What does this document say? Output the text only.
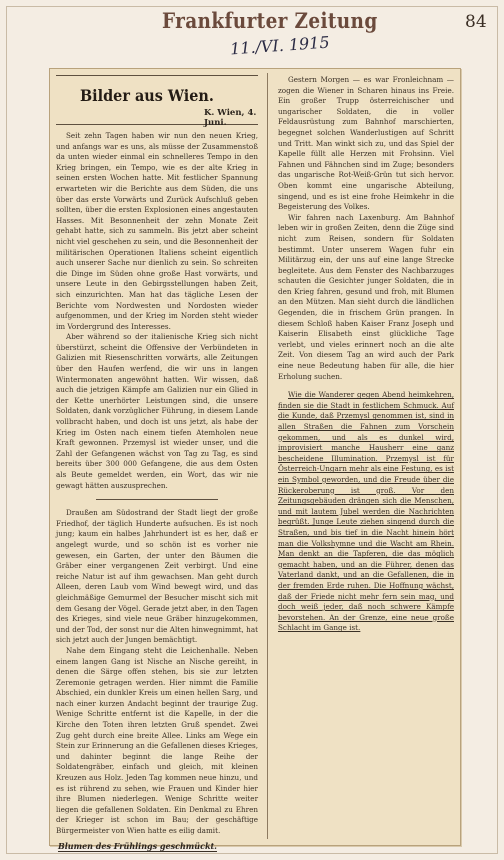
Frankfurter Zeitung	84
11./VI. 1915
Bilder aus Wien.
K. Wien, 4. Juni.

Seit zehn Tagen haben wir nun den neuen Krieg, und anfangs war es uns, als müsse der Zusammenstoß da unten wieder einmal ein schnelleres Tempo in den Krieg bringen, ein Tempo, wie es der alte Krieg in seinen ersten Wochen hatte. Mit festlicher Spannung erwarteten wir die Berichte aus dem Süden, die uns über das erste Vorwärts und Zurück Aufschluß geben sollten, über die ersten Explosionen eines angestauten Hasses. Mit Besonnenheit der zehn Monate Zeit gehabt hatte, sich zu sammeln. Bis jetzt aber scheint nicht viel geschehen zu sein, und die Besonnenheit der militärischen Operationen Italiens scheint eigentlich auch unserer Sache nur dienlich zu sein. So schreiten die Dinge im Süden ohne große Hast vorwärts, und unsere Leute in den Gebirgsstellungen haben Zeit, sich einzurichten. Man hat das tägliche Lesen der Berichte vom Nordwesten und Nordosten wieder aufgenommen, und der Krieg im Norden steht wieder im Vordergrund des Interesses.

Aber während so der italienische Krieg sich nicht überstürzt, scheint die Offensive der Verbündeten in Galizien mit Riesenschritten vorwärts, alle Zeitungen über den Haufen werfend, die wir uns in langen Wintermonaten angewöhnt hatten. Wir wissen, daß auch die jetzigen Kämpfe am Galizien nur ein Glied in der Kette unerhörter Leistungen sind, die unsere Soldaten, dank vorzüglicher Führung, in diesem Lande vollbracht haben, und doch ist uns jetzt, als habe der Krieg im Osten nach einem tiefen Atemholen neue Kraft gewonnen. Przemysl ist wieder unser, und die Zahl der Gefangenen wächst von Tag zu Tag, es sind bereits über 300 000 Gefangene, die aus dem Osten als Beute gemeldet werden, ein Wort, das wir nie gewagt hätten auszusprechen.

Draußen am Südostrand der Stadt liegt der große Friedhof, der täglich Hunderte aufsuchen. Es ist noch jung; kaum ein halbes Jahrhundert ist es her, daß er angelegt wurde, und so schön ist es vorher nie gewesen, ein Garten, der unter den Bäumen die Gräber einer vergangenen Zeit verbirgt. Und eine reiche Natur ist auf ihm gewachsen. Man geht durch Alleen, deren Laub vom Wind bewegt wird, und das gleichmäßige Gemurmel der Besucher mischt sich mit dem Gesang der Vögel. Gerade jetzt aber, in den Tagen des Krieges, sind viele neue Gräber hinzugekommen, und der Tod, der sonst nur die Alten hinwegnimmt, hat sich jetzt auch der Jungen bemächtigt.

Nahe dem Eingang steht die Leichenhalle. Neben einem langen Gang ist Nische an Nische gereiht, in denen die Särge offen stehen, bis sie zur letzten Zeremonie getragen werden. Hier nimmt die Familie Abschied, ein dunkler Kreis um einen hellen Sarg, und nach einer kurzen Andacht beginnt der traurige Zug. Wenige Schritte entfernt ist die Kapelle, in der die Kirche den Toten ihren letzten Gruß spendet. Zwei Zug geht durch eine breite Allee. Links am Wege ein Stein zur Erinnerung an die Gefallenen dieses Krieges, und dahinter beginnt die lange Reihe der Soldatengräber, einfach und gleich, mit kleinen Kreuzen aus Holz. Jeden Tag kommen neue hinzu, und es ist rührend zu sehen, wie Frauen und Kinder hier ihre Blumen niederlegen. Wenige Schritte weiter liegen die gefallenen Soldaten. Ein Denkmal zu Ehren der Krieger ist schon im Bau; der geschäftige Bürgermeister von Wien hatte es eilig damit.

Blumen des Frühlings geschmückt.

Gestern Morgen — es war Fronleichnam — zogen die Wiener in Scharen hinaus ins Freie. Ein großer Trupp österreichischer und ungarischer Soldaten, die in voller Feldausrüstung zum Bahnhof marschierten, begegnet solchen Wanderlustigen auf Schritt und Tritt. Man winkt sich zu, und das Spiel der Kapelle füllt alle Herzen mit Frohsinn. Viel Fahnen und Fähnchen sind im Zuge; besonders das ungarische Rot-Weiß-Grün tut sich hervor. Oben kommt eine ungarische Abteilung, singend, und es ist eine frohe Heimkehr in die Begeisterung des Volkes.

Wir fahren nach Laxenburg. Am Bahnhof leben wir in großen Zeiten, denn die Züge sind nicht zum Reisen, sondern für Soldaten bestimmt. Unter unserem Wagen fuhr ein Militärzug ein, der uns auf eine lange Strecke begleitete. Aus dem Fenster des Nachbarzuges schauten die Gesichter junger Soldaten, die in den Krieg fahren, gesund und froh, mit Blumen an den Mützen. Man sieht durch die ländlichen Gegenden, die in frischem Grün prangen. In diesem Schloß haben Kaiser Franz Joseph und Kaiserin Elisabeth einst glückliche Tage verlebt, und vieles erinnert noch an die alte Zeit. Von diesem Tag an wird auch der Park eine neue Bedeutung haben für alle, die hier Erholung suchen.

Wie die Wanderer gegen Abend heimkehren, finden sie die Stadt in festlichem Schmuck. Auf die Kunde, daß Przemysl genommen ist, sind in allen Straßen die Fahnen zum Vorschein gekommen, und als es dunkel wird, improvisiert manche Hausherr eine ganz bescheidene Illumination. Przemysl ist für Österreich-Ungarn mehr als eine Festung, es ist ein Symbol geworden, und die Freude über die Rückeroberung ist groß. Vor den Zeitungsgebäuden drängen sich die Menschen, und mit lautem Jubel werden die Nachrichten begrüßt. Junge Leute ziehen singend durch die Straßen, und bis tief in die Nacht hinein hört man die Volkshymne und die Wacht am Rhein. Man denkt an die Tapferen, die das möglich gemacht haben, und an die Führer, denen das Vaterland dankt, und an die Gefallenen, die in der fremden Erde ruhen. Die Hoffnung wächst, daß der Friede nicht mehr fern sein mag, und doch weiß jeder, daß noch schwere Kämpfe bevorstehen. An der Grenze, eine neue große Schlacht im Gange ist.
